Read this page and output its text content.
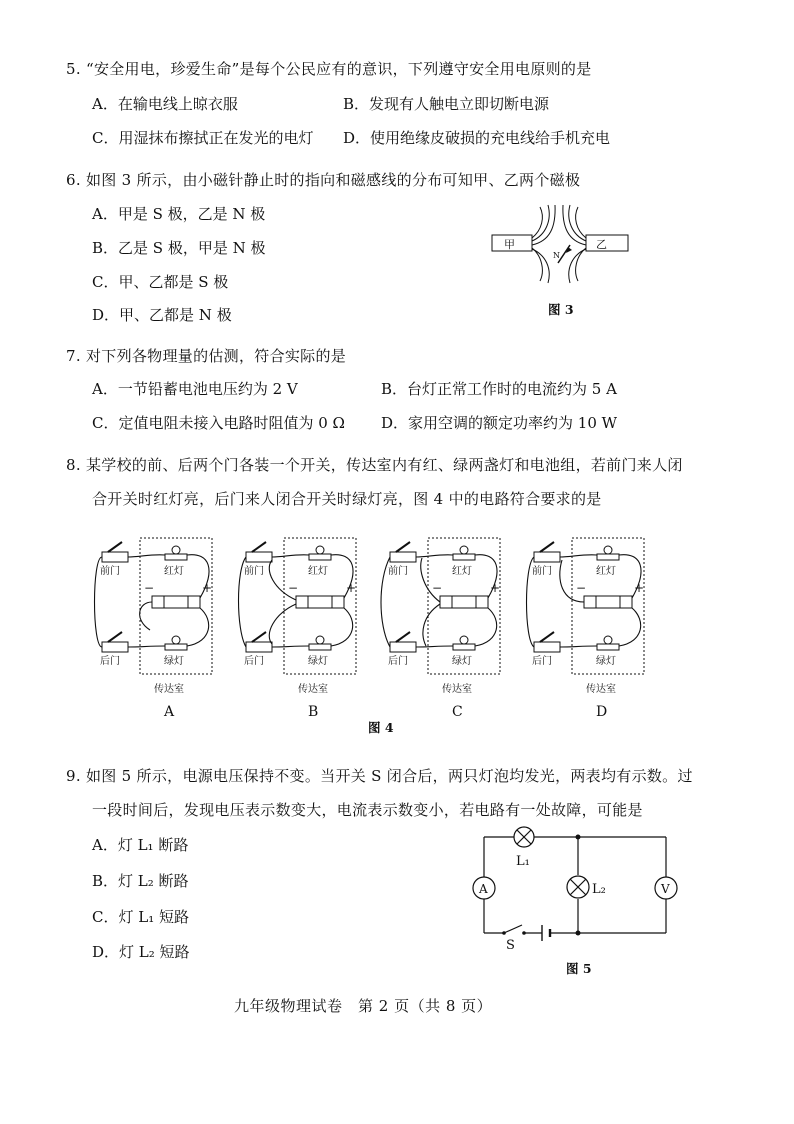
5. “安全用电，珍爱生命”是每个公民应有的意识，下列遵守安全用电原则的是
A．在输电线上晾衣服	B．发现有人触电立即切断电源
C．用湿抹布擦拭正在发光的电灯 D．使用绝缘皮破损的充电线给手机充电
6. 如图 3 所示，由小磁针静止时的指向和磁感线的分布可知甲、乙两个磁极
A．甲是 S 极，乙是 N 极
B．乙是 S 极，甲是 N 极
C．甲、乙都是 S 极
D．甲、乙都是 N 极
甲	乙
N
图 3
7. 对下列各物理量的估测，符合实际的是
A．一节铅蓄电池电压约为 2 V	B．台灯正常工作时的电流约为 5 A
C．定值电阻未接入电路时阻值为 0 Ω D．家用空调的额定功率约为 10 W
8. 某学校的前、后两个门各装一个开关，传达室内有红、绿两盏灯和电池组，若前门来人闭
合开关时红灯亮，后门来人闭合开关时绿灯亮，图 4 中的电路符合要求的是
前门
后门
红灯
绿灯
−	+
传达室
A
前门
后门
红灯
绿灯
−	+
传达室
B
前门
后门
红灯
绿灯
−	+
传达室
C
前门
后门
红灯
绿灯
−	+
传达室
D
图 4
9. 如图 5 所示，电源电压保持不变。当开关 S 闭合后，两只灯泡均发光，两表均有示数。过
一段时间后，发现电压表示数变大，电流表示数变小，若电路有一处故障，可能是
A．灯 L₁ 断路
B．灯 L₂ 断路
C．灯 L₁ 短路
D．灯 L₂ 短路
A	V
L₁
L₂
S
图 5
九年级物理试卷　第 2 页（共 8 页）
